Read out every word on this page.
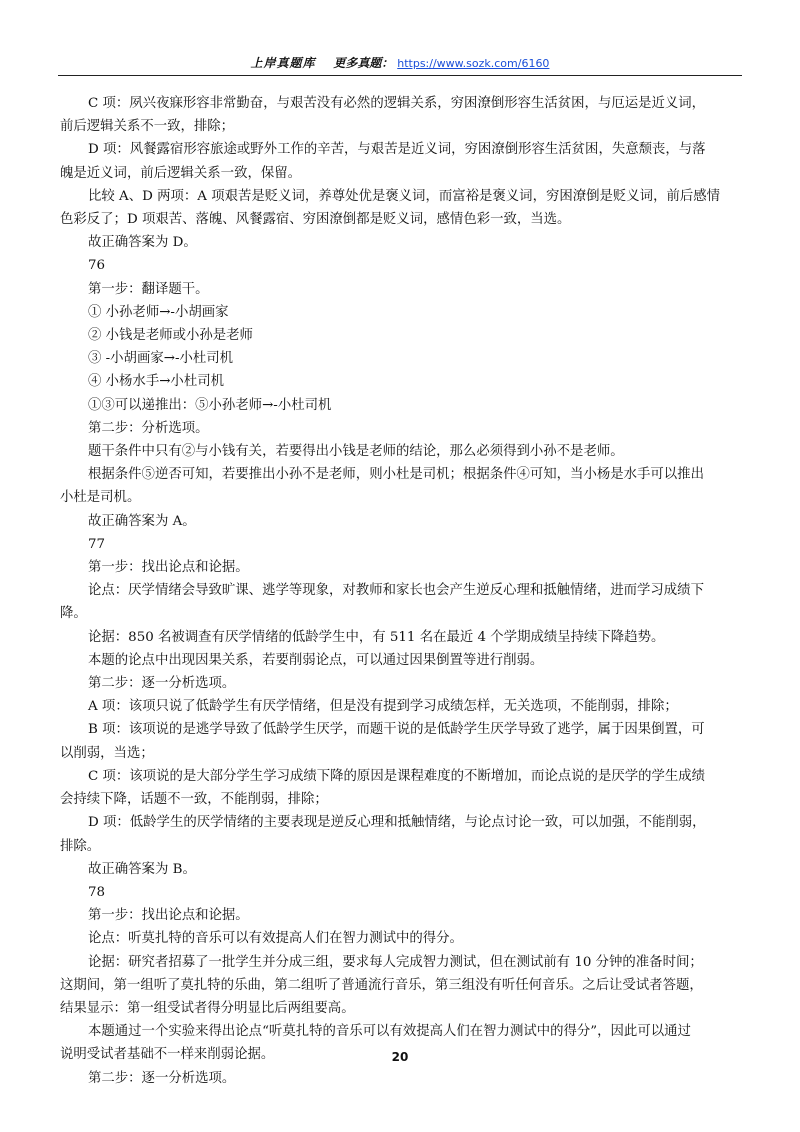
上岸真题库 更多真题： https://www.sozk.com/6160

C 项：夙兴夜寐形容非常勤奋，与艰苦没有必然的逻辑关系，穷困潦倒形容生活贫困，与厄运是近义词，

前后逻辑关系不一致，排除；

D 项：风餐露宿形容旅途或野外工作的辛苦，与艰苦是近义词，穷困潦倒形容生活贫困，失意颓丧，与落

魄是近义词，前后逻辑关系一致，保留。

比较 A、D 两项：A 项艰苦是贬义词，养尊处优是褒义词，而富裕是褒义词，穷困潦倒是贬义词，前后感情

色彩反了；D 项艰苦、落魄、风餐露宿、穷困潦倒都是贬义词，感情色彩一致，当选。

故正确答案为 D。

76

第一步：翻译题干。

① 小孙老师→-小胡画家

② 小钱是老师或小孙是老师

③ -小胡画家→-小杜司机

④ 小杨水手→小杜司机

①③可以递推出：⑤小孙老师→-小杜司机

第二步：分析选项。

题干条件中只有②与小钱有关，若要得出小钱是老师的结论，那么必须得到小孙不是老师。

根据条件⑤逆否可知，若要推出小孙不是老师，则小杜是司机；根据条件④可知，当小杨是水手可以推出

小杜是司机。

故正确答案为 A。

77

第一步：找出论点和论据。

论点：厌学情绪会导致旷课、逃学等现象，对教师和家长也会产生逆反心理和抵触情绪，进而学习成绩下

降。

论据：850 名被调查有厌学情绪的低龄学生中，有 511 名在最近 4 个学期成绩呈持续下降趋势。

本题的论点中出现因果关系，若要削弱论点，可以通过因果倒置等进行削弱。

第二步：逐一分析选项。

A 项：该项只说了低龄学生有厌学情绪，但是没有提到学习成绩怎样，无关选项，不能削弱，排除；

B 项：该项说的是逃学导致了低龄学生厌学，而题干说的是低龄学生厌学导致了逃学，属于因果倒置，可

以削弱，当选；

C 项：该项说的是大部分学生学习成绩下降的原因是课程难度的不断增加，而论点说的是厌学的学生成绩

会持续下降，话题不一致，不能削弱，排除；

D 项：低龄学生的厌学情绪的主要表现是逆反心理和抵触情绪，与论点讨论一致，可以加强，不能削弱，

排除。

故正确答案为 B。

78

第一步：找出论点和论据。

论点：听莫扎特的音乐可以有效提高人们在智力测试中的得分。

论据：研究者招募了一批学生并分成三组，要求每人完成智力测试，但在测试前有 10 分钟的准备时间；

这期间，第一组听了莫扎特的乐曲，第二组听了普通流行音乐，第三组没有听任何音乐。之后让受试者答题，

结果显示：第一组受试者得分明显比后两组要高。

本题通过一个实验来得出论点“听莫扎特的音乐可以有效提高人们在智力测试中的得分”，因此可以通过

说明受试者基础不一样来削弱论据。

第二步：逐一分析选项。

20
